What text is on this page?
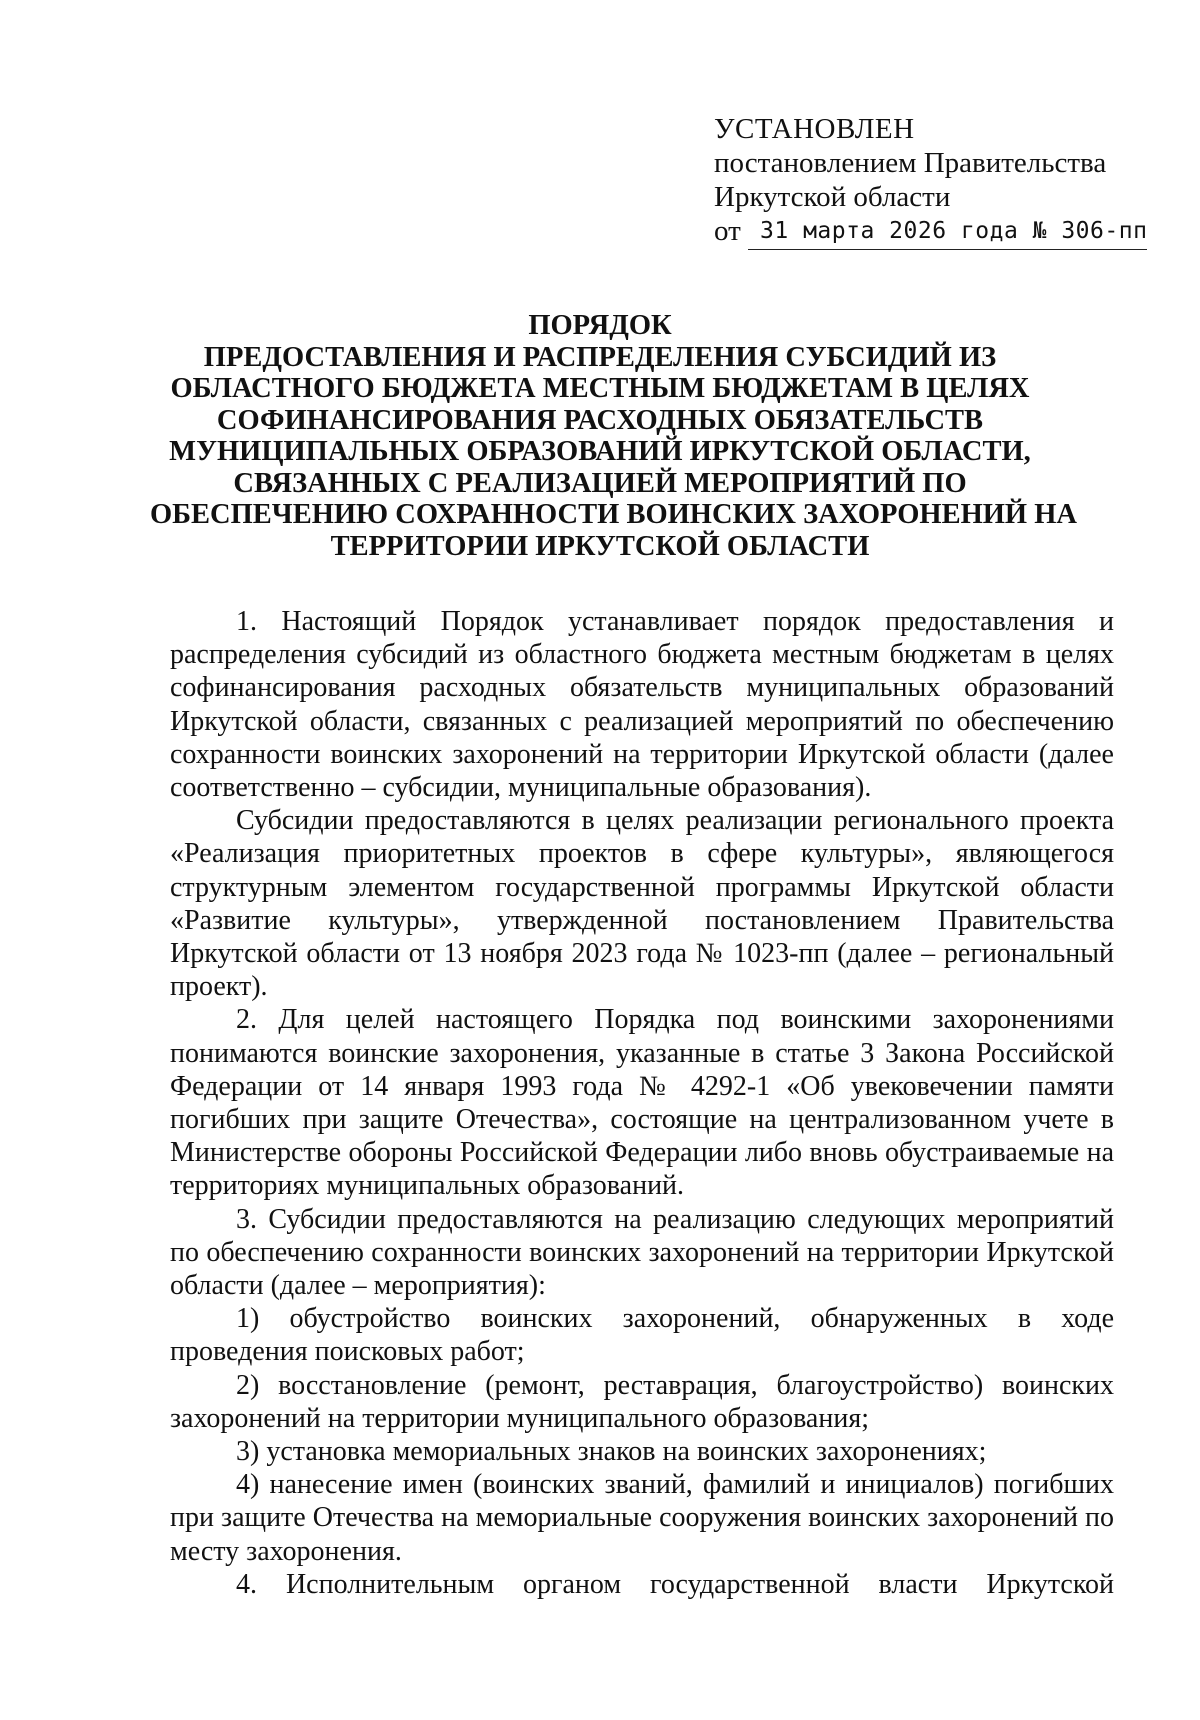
УСТАНОВЛЕН
постановлением Правительства
Иркутской области
от 31 марта 2026 года № 306-пп
ПОРЯДОК
ПРЕДОСТАВЛЕНИЯ И РАСПРЕДЕЛЕНИЯ СУБСИДИЙ ИЗ
ОБЛАСТНОГО БЮДЖЕТА МЕСТНЫМ БЮДЖЕТАМ В ЦЕЛЯХ
СОФИНАНСИРОВАНИЯ РАСХОДНЫХ ОБЯЗАТЕЛЬСТВ
МУНИЦИПАЛЬНЫХ ОБРАЗОВАНИЙ ИРКУТСКОЙ ОБЛАСТИ,
СВЯЗАННЫХ С РЕАЛИЗАЦИЕЙ МЕРОПРИЯТИЙ ПО
ОБЕСПЕЧЕНИЮ СОХРАННОСТИ ВОИНСКИХ ЗАХОРОНЕНИЙ НА
ТЕРРИТОРИИ ИРКУТСКОЙ ОБЛАСТИ

1. Настоящий Порядок устанавливает порядок предоставления и распределения субсидий из областного бюджета местным бюджетам в целях софинансирования расходных обязательств муниципальных образований Иркутской области, связанных с реализацией мероприятий по обеспечению сохранности воинских захоронений на территории Иркутской области (далее соответственно – субсидии, муниципальные образования).

Субсидии предоставляются в целях реализации регионального проекта «Реализация приоритетных проектов в сфере культуры», являющегося структурным элементом государственной программы Иркутской области «Развитие культуры», утвержденной постановлением Правительства Иркутской области от 13 ноября 2023 года № 1023-пп (далее – региональный проект).

2. Для целей настоящего Порядка под воинскими захоронениями понимаются воинские захоронения, указанные в статье 3 Закона Российской Федерации от 14 января 1993 года № 4292-1 «Об увековечении памяти погибших при защите Отечества», состоящие на централизованном учете в Министерстве обороны Российской Федерации либо вновь обустраиваемые на территориях муниципальных образований.

3. Субсидии предоставляются на реализацию следующих мероприятий по обеспечению сохранности воинских захоронений на территории Иркутской области (далее – мероприятия):

1) обустройство воинских захоронений, обнаруженных в ходе проведения поисковых работ;

2) восстановление (ремонт, реставрация, благоустройство) воинских захоронений на территории муниципального образования;

3) установка мемориальных знаков на воинских захоронениях;

4) нанесение имен (воинских званий, фамилий и инициалов) погибших при защите Отечества на мемориальные сооружения воинских захоронений по месту захоронения.

4. Исполнительным органом государственной власти Иркутской
